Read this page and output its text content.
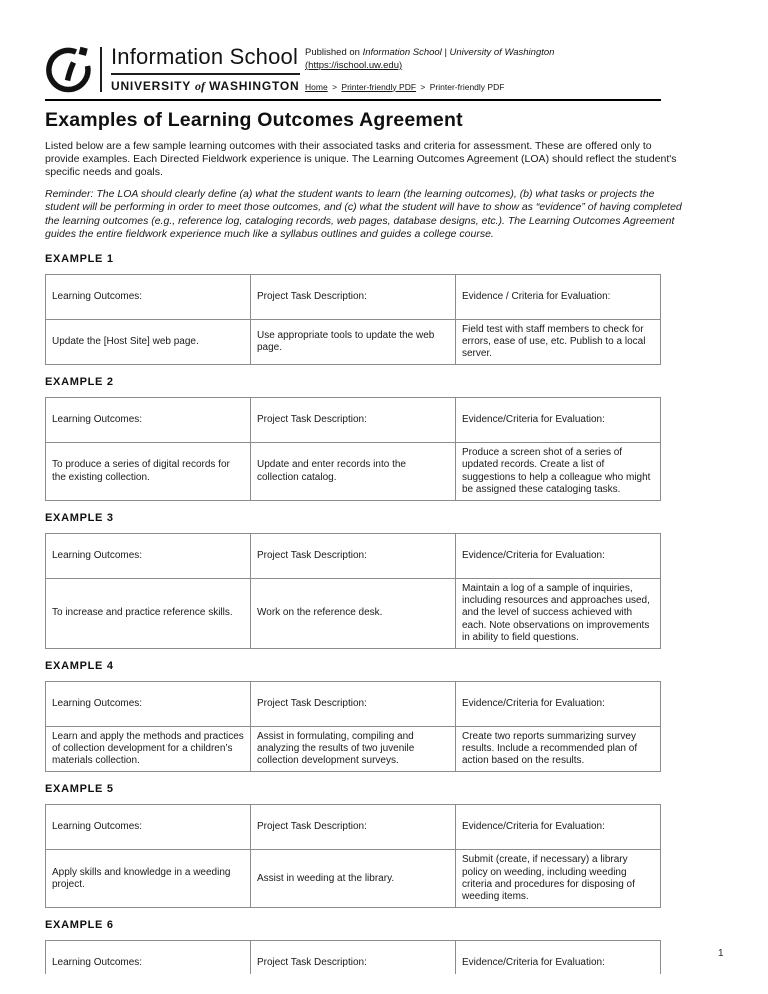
Information School
UNIVERSITY of WASHINGTON
Published on Information School | University of Washington
(https://ischool.uw.edu)
Home > Printer-friendly PDF > Printer-friendly PDF
Examples of Learning Outcomes Agreement

Listed below are a few sample learning outcomes with their associated tasks and criteria for assessment. These are offered only to provide examples. Each Directed Fieldwork experience is unique. The Learning Outcomes Agreement (LOA) should reflect the student's specific needs and goals.

Reminder: The LOA should clearly define (a) what the student wants to learn (the learning outcomes), (b) what tasks or projects the student will be performing in order to meet those outcomes, and (c) what the student will have to show as “evidence” of having completed the learning outcomes (e.g., reference log, cataloging records, web pages, database designs, etc.). The Learning Outcomes Agreement guides the entire fieldwork experience much like a syllabus outlines and guides a college course.

EXAMPLE 1
Learning Outcomes:	Project Task Description:	Evidence / Criteria for Evaluation:
Update the [Host Site] web page.	Use appropriate tools to update the web page.	Field test with staff members to check for errors, ease of use, etc. Publish to a local server.
EXAMPLE 2
Learning Outcomes:	Project Task Description:	Evidence/Criteria for Evaluation:
To produce a series of digital records for the existing collection.	Update and enter records into the collection catalog.	Produce a screen shot of a series of updated records. Create a list of suggestions to help a colleague who might be assigned these cataloging tasks.
EXAMPLE 3
Learning Outcomes:	Project Task Description:	Evidence/Criteria for Evaluation:
To increase and practice reference skills.	Work on the reference desk.	Maintain a log of a sample of inquiries, including resources and approaches used, and the level of success achieved with each. Note observations on improvements in ability to field questions.
EXAMPLE 4
Learning Outcomes:	Project Task Description:	Evidence/Criteria for Evaluation:
Learn and apply the methods and practices of collection development for a children’s materials collection.	Assist in formulating, compiling and analyzing the results of two juvenile collection development surveys.	Create two reports summarizing survey results. Include a recommended plan of action based on the results.
EXAMPLE 5
Learning Outcomes:	Project Task Description:	Evidence/Criteria for Evaluation:
Apply skills and knowledge in a weeding project.	Assist in weeding at the library.	Submit (create, if necessary) a library policy on weeding, including weeding criteria and procedures for disposing of weeding items.
EXAMPLE 6
Learning Outcomes:	Project Task Description:	Evidence/Criteria for Evaluation:
1
